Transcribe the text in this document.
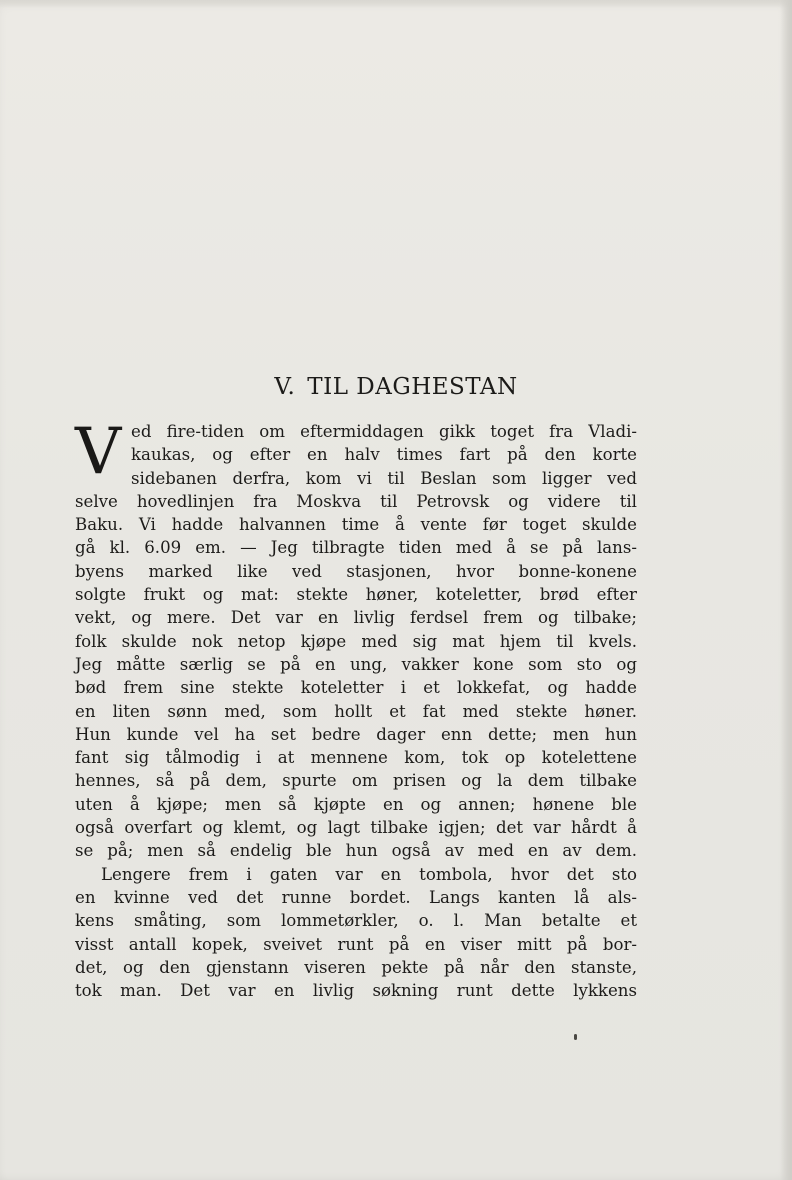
V. TIL DAGHESTAN
V ed fire-tiden om eftermiddagen gikk toget fra Vladi-
kaukas, og efter en halv times fart på den korte
sidebanen derfra, kom vi til Beslan som ligger ved
selve hovedlinjen fra Moskva til Petrovsk og videre til
Baku. Vi hadde halvannen time å vente før toget skulde
gå kl. 6.09 em. — Jeg tilbragte tiden med å se på lans-
byens marked like ved stasjonen, hvor bonne-konene
solgte frukt og mat: stekte høner, koteletter, brød efter
vekt, og mere. Det var en livlig ferdsel frem og tilbake;
folk skulde nok netop kjøpe med sig mat hjem til kvels.
Jeg måtte særlig se på en ung, vakker kone som sto og
bød frem sine stekte koteletter i et lokkefat, og hadde
en liten sønn med, som hollt et fat med stekte høner.
Hun kunde vel ha set bedre dager enn dette; men hun
fant sig tålmodig i at mennene kom, tok op kotelettene
hennes, så på dem, spurte om prisen og la dem tilbake
uten å kjøpe; men så kjøpte en og annen; hønene ble
også overfart og klemt, og lagt tilbake igjen; det var hårdt å
se på; men så endelig ble hun også av med en av dem.
Lengere frem i gaten var en tombola, hvor det sto
en kvinne ved det runne bordet. Langs kanten lå als-
kens småting, som lommetørkler, o. l. Man betalte et
visst antall kopek, sveivet runt på en viser mitt på bor-
det, og den gjenstann viseren pekte på når den stanste,
tok man. Det var en livlig søkning runt dette lykkens
